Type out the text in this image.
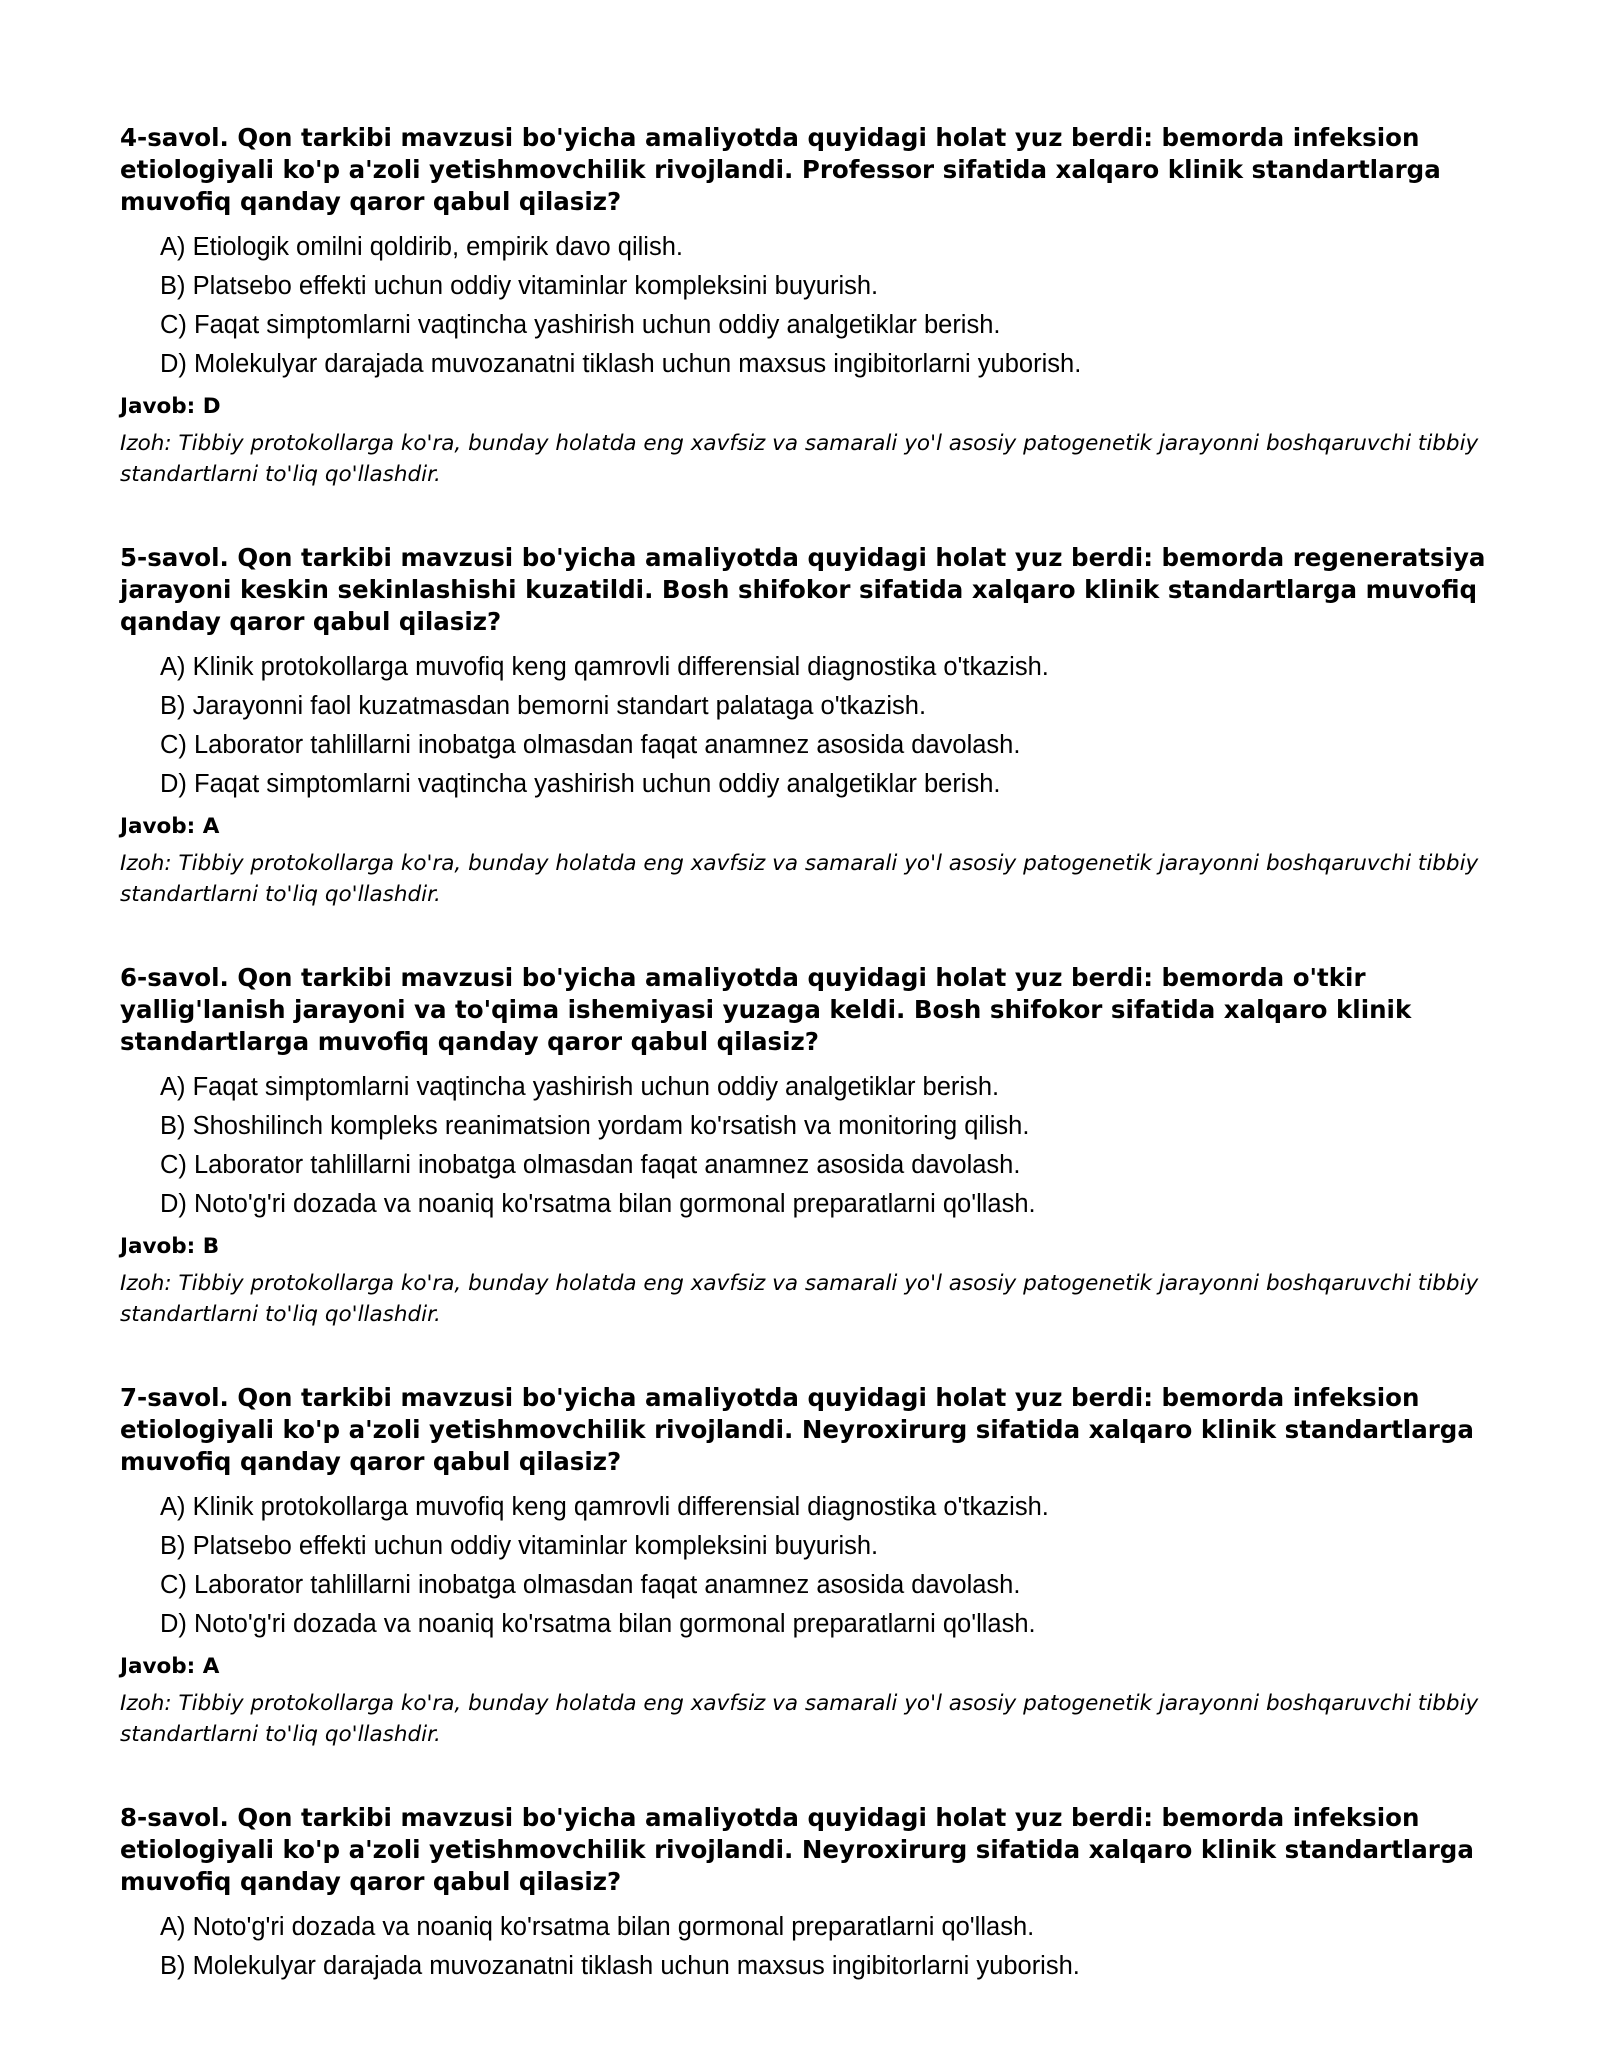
4-savol. Qon tarkibi mavzusi bo'yicha amaliyotda quyidagi holat yuz berdi: bemorda infeksion etiologiyali ko'p a'zoli yetishmovchilik rivojlandi. Professor sifatida xalqaro klinik standartlarga muvofiq qanday qaror qabul qilasiz?

A) Etiologik omilni qoldirib, empirik davo qilish.
B) Platsebo effekti uchun oddiy vitaminlar kompleksini buyurish.
C) Faqat simptomlarni vaqtincha yashirish uchun oddiy analgetiklar berish.
D) Molekulyar darajada muvozanatni tiklash uchun maxsus ingibitorlarni yuborish.

Javob: D

Izoh: Tibbiy protokollarga ko'ra, bunday holatda eng xavfsiz va samarali yo'l asosiy patogenetik jarayonni boshqaruvchi tibbiy standartlarni to'liq qo'llashdir.

5-savol. Qon tarkibi mavzusi bo'yicha amaliyotda quyidagi holat yuz berdi: bemorda regeneratsiya jarayoni keskin sekinlashishi kuzatildi. Bosh shifokor sifatida xalqaro klinik standartlarga muvofiq qanday qaror qabul qilasiz?

A) Klinik protokollarga muvofiq keng qamrovli differensial diagnostika o'tkazish.
B) Jarayonni faol kuzatmasdan bemorni standart palataga o'tkazish.
C) Laborator tahlillarni inobatga olmasdan faqat anamnez asosida davolash.
D) Faqat simptomlarni vaqtincha yashirish uchun oddiy analgetiklar berish.

Javob: A

Izoh: Tibbiy protokollarga ko'ra, bunday holatda eng xavfsiz va samarali yo'l asosiy patogenetik jarayonni boshqaruvchi tibbiy standartlarni to'liq qo'llashdir.

6-savol. Qon tarkibi mavzusi bo'yicha amaliyotda quyidagi holat yuz berdi: bemorda o'tkir yallig'lanish jarayoni va to'qima ishemiyasi yuzaga keldi. Bosh shifokor sifatida xalqaro klinik standartlarga muvofiq qanday qaror qabul qilasiz?

A) Faqat simptomlarni vaqtincha yashirish uchun oddiy analgetiklar berish.
B) Shoshilinch kompleks reanimatsion yordam ko'rsatish va monitoring qilish.
C) Laborator tahlillarni inobatga olmasdan faqat anamnez asosida davolash.
D) Noto'g'ri dozada va noaniq ko'rsatma bilan gormonal preparatlarni qo'llash.

Javob: B

Izoh: Tibbiy protokollarga ko'ra, bunday holatda eng xavfsiz va samarali yo'l asosiy patogenetik jarayonni boshqaruvchi tibbiy standartlarni to'liq qo'llashdir.

7-savol. Qon tarkibi mavzusi bo'yicha amaliyotda quyidagi holat yuz berdi: bemorda infeksion etiologiyali ko'p a'zoli yetishmovchilik rivojlandi. Neyroxirurg sifatida xalqaro klinik standartlarga muvofiq qanday qaror qabul qilasiz?

A) Klinik protokollarga muvofiq keng qamrovli differensial diagnostika o'tkazish.
B) Platsebo effekti uchun oddiy vitaminlar kompleksini buyurish.
C) Laborator tahlillarni inobatga olmasdan faqat anamnez asosida davolash.
D) Noto'g'ri dozada va noaniq ko'rsatma bilan gormonal preparatlarni qo'llash.

Javob: A

Izoh: Tibbiy protokollarga ko'ra, bunday holatda eng xavfsiz va samarali yo'l asosiy patogenetik jarayonni boshqaruvchi tibbiy standartlarni to'liq qo'llashdir.

8-savol. Qon tarkibi mavzusi bo'yicha amaliyotda quyidagi holat yuz berdi: bemorda infeksion etiologiyali ko'p a'zoli yetishmovchilik rivojlandi. Neyroxirurg sifatida xalqaro klinik standartlarga muvofiq qanday qaror qabul qilasiz?

A) Noto'g'ri dozada va noaniq ko'rsatma bilan gormonal preparatlarni qo'llash.
B) Molekulyar darajada muvozanatni tiklash uchun maxsus ingibitorlarni yuborish.
